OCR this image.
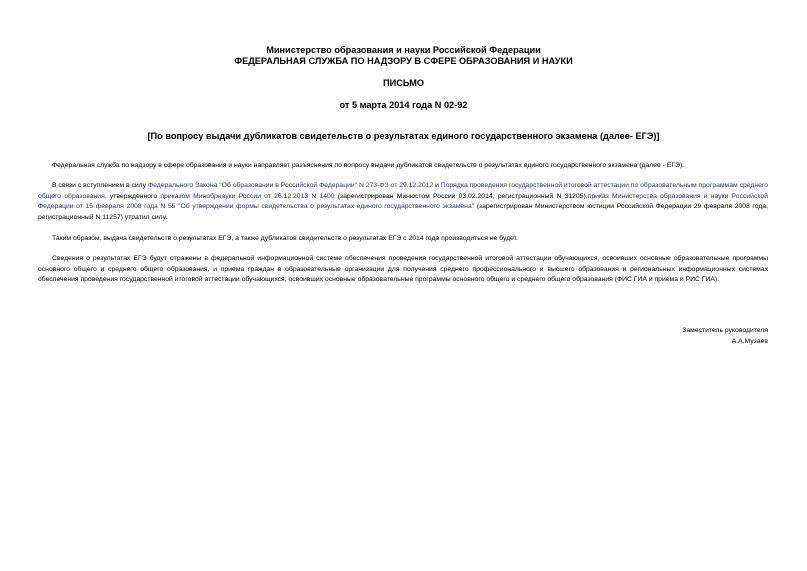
Министерство образования и науки Российской Федерации
ФЕДЕРАЛЬНАЯ СЛУЖБА ПО НАДЗОРУ В СФЕРЕ ОБРАЗОВАНИЯ И НАУКИ
ПИСЬМО
от 5 марта 2014 года N 02-92
[По вопросу выдачи дубликатов свидетельств о результатах единого государственного экзамена (далее- ЕГЭ)]
Федеральная служба по надзору в сфере образования и науки направляет разъяснения по вопросу выдачи дубликатов свидетельств о результатах единого государственного экзамена (далее - ЕГЭ).
В связи с вступлением в силу Федерального Закона "Об образовании в Российской Федерации" N 273-ФЗ от 29.12.2012 и Порядка проведения государственной итоговой аттестации по образовательным программам среднего общего образования, утвержденного приказом Минобрнауки России от 26.12.2013 N 1400 (зарегистрирован Минюстом России 03.02.2014, регистрационный N 31205),приказ Министерства образования и науки Российской Федерации от 15 февраля 2008 года N 55 "Об утверждении формы свидетельства о результатах единого государственного экзамена" (зарегистрирован Министерством юстиции Российской Федерации 29 февраля 2008 года, регистрационный N 11257) утратил силу.
Таким образом, выдача свидетельств о результатах ЕГЭ, а также дубликатов свидетельств о результатах ЕГЭ с 2014 года производиться не будет.
Сведения о результатах ЕГЭ будут отражены в федеральной информационной системе обеспечения проведения государственной итоговой аттестации обучающихся, освоивших основные образовательные программы основного общего и среднего общего образования, и приема граждан в образовательные организации для получения среднего профессионального и высшего образования и региональных информационных системах обеспечения проведения государственной итоговой аттестации обучающихся, освоивших основные образовательные программы основного общего и среднего общего образования (ФИС ГИА и приёма и РИС ГИА).
Заместитель руководителя
А.А.Музаев
